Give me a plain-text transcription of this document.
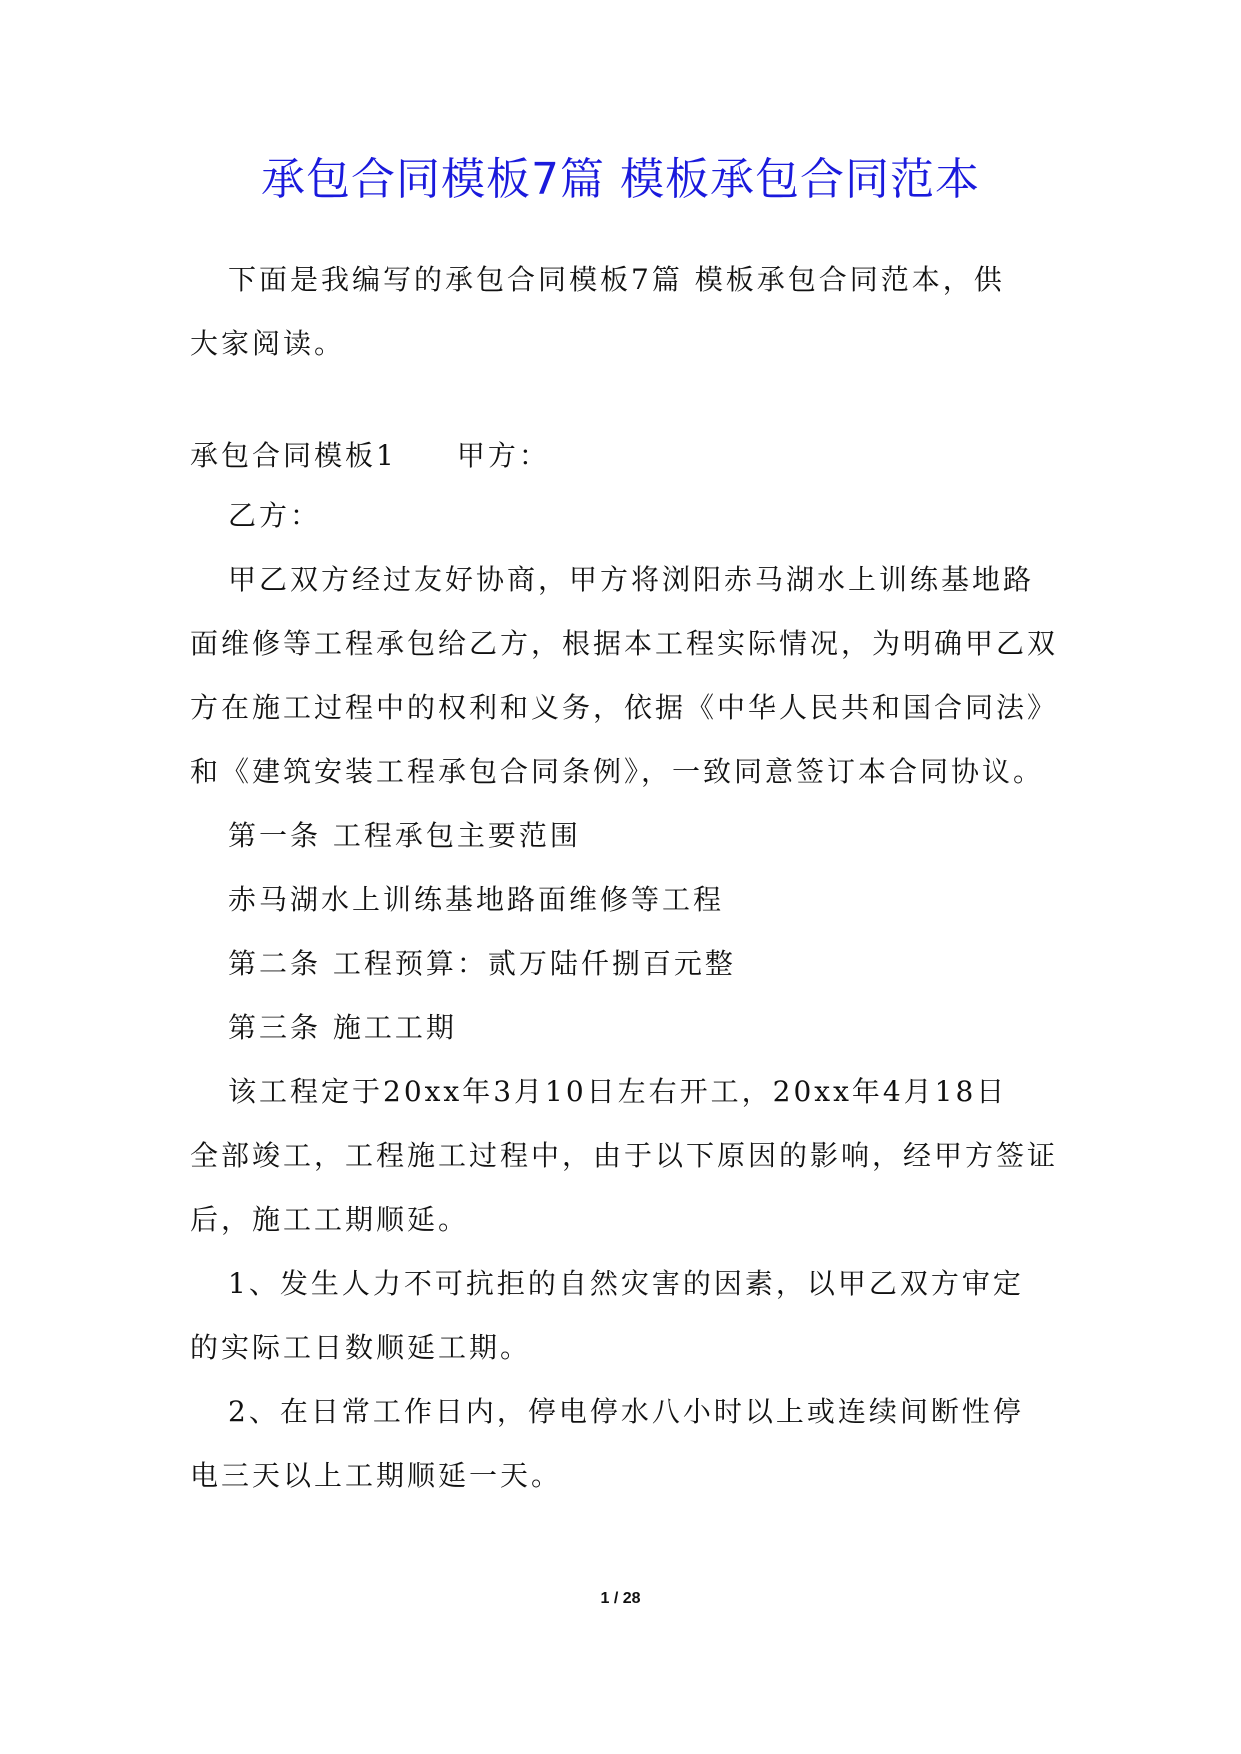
承包合同模板7篇 模板承包合同范本
下面是我编写的承包合同模板7篇 模板承包合同范本，供
大家阅读。
承包合同模板1 甲方：
乙方：
甲乙双方经过友好协商，甲方将浏阳赤马湖水上训练基地路
面维修等工程承包给乙方，根据本工程实际情况，为明确甲乙双
方在施工过程中的权利和义务，依据《中华人民共和国合同法》
和《建筑安装工程承包合同条例》，一致同意签订本合同协议。
第一条 工程承包主要范围
赤马湖水上训练基地路面维修等工程
第二条 工程预算：贰万陆仟捌百元整
第三条 施工工期
该工程定于20xx年3月10日左右开工，20xx年4月18日
全部竣工，工程施工过程中，由于以下原因的影响，经甲方签证
后，施工工期顺延。
1、发生人力不可抗拒的自然灾害的因素，以甲乙双方审定
的实际工日数顺延工期。
2、在日常工作日内，停电停水八小时以上或连续间断性停
电三天以上工期顺延一天。
1 / 28
